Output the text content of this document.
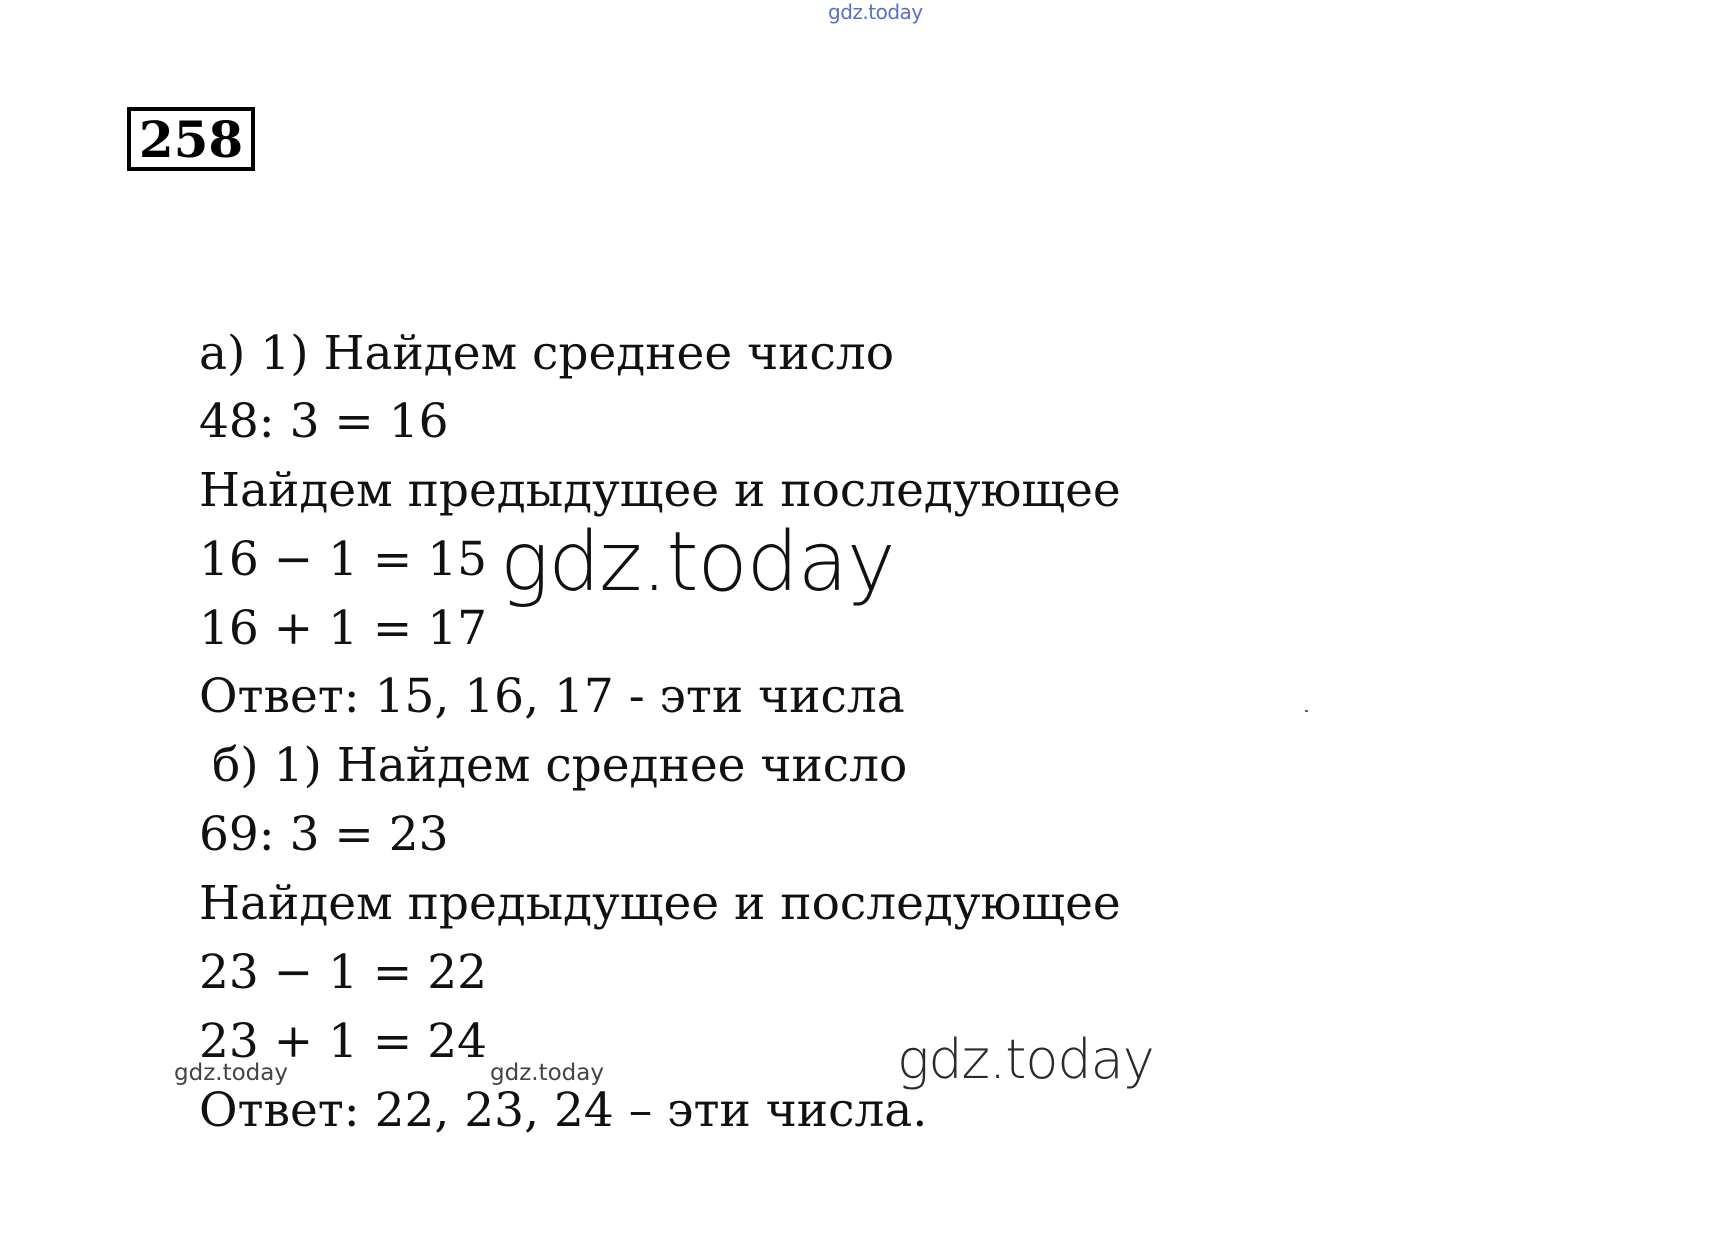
gdz.today
258
а) 1) Найдем среднее число
48: 3 = 16
Найдем предыдущее и последующее
16 − 1 = 15
16 + 1 = 17
Ответ: 15, 16, 17 - эти числа
б) 1) Найдем среднее число
69: 3 = 23
Найдем предыдущее и последующее
23 − 1 = 22
23 + 1 = 24
Ответ: 22, 23, 24 – эти числа.
gdz.today
gdz.today
gdz.today	gdz.today
